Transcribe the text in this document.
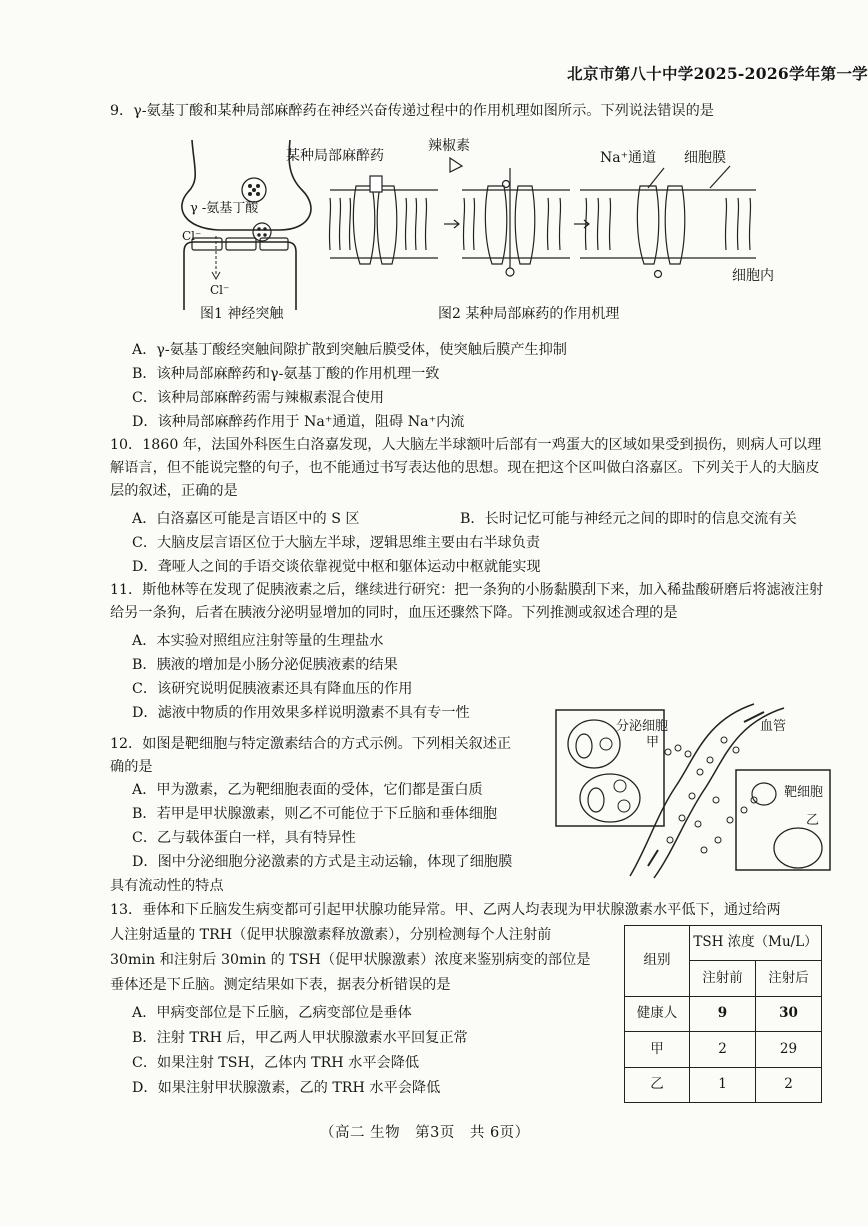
北京市第八十中学2025-2026学年第一学
9．γ-氨基丁酸和某种局部麻醉药在神经兴奋传递过程中的作用机理如图所示。下列说法错误的是
γ -氨基丁酸
Cl⁻
Cl⁻
图1 神经突触
某种局部麻醉药
辣椒素
Na⁺通道 细胞膜
细胞内
图2 某种局部麻药的作用机理
A．γ-氨基丁酸经突触间隙扩散到突触后膜受体，使突触后膜产生抑制
B．该种局部麻醉药和γ-氨基丁酸的作用机理一致
C．该种局部麻醉药需与辣椒素混合使用
D．该种局部麻醉药作用于 Na⁺通道，阻碍 Na⁺内流
10．1860 年，法国外科医生白洛嘉发现，人大脑左半球额叶后部有一鸡蛋大的区域如果受到损伤，则病人可以理解语言，但不能说完整的句子，也不能通过书写表达他的思想。现在把这个区叫做白洛嘉区。下列关于人的大脑皮层的叙述，正确的是
A．白洛嘉区可能是言语区中的 S 区	B．长时记忆可能与神经元之间的即时的信息交流有关
C．大脑皮层言语区位于大脑左半球，逻辑思维主要由右半球负责
D．聋哑人之间的手语交谈依靠视觉中枢和躯体运动中枢就能实现
11．斯他林等在发现了促胰液素之后，继续进行研究：把一条狗的小肠黏膜刮下来，加入稀盐酸研磨后将滤液注射给另一条狗，后者在胰液分泌明显增加的同时，血压还骤然下降。下列推测或叙述合理的是
A．本实验对照组应注射等量的生理盐水
B．胰液的增加是小肠分泌促胰液素的结果
C．该研究说明促胰液素还具有降血压的作用
D．滤液中物质的作用效果多样说明激素不具有专一性
分泌细胞
甲
血管
靶细胞
乙
12．如图是靶细胞与特定激素结合的方式示例。下列相关叙述正
确的是
A．甲为激素，乙为靶细胞表面的受体，它们都是蛋白质
B．若甲是甲状腺激素，则乙不可能位于下丘脑和垂体细胞
C．乙与载体蛋白一样，具有特异性
D．图中分泌细胞分泌激素的方式是主动运输，体现了细胞膜
具有流动性的特点
13．垂体和下丘脑发生病变都可引起甲状腺功能异常。甲、乙两人均表现为甲状腺激素水平低下，通过给两
人注射适量的 TRH（促甲状腺激素释放激素），分别检测每个人注射前
30min 和注射后 30min 的 TSH（促甲状腺激素）浓度来鉴别病变的部位是
垂体还是下丘脑。测定结果如下表，据表分析错误的是
A．甲病变部位是下丘脑，乙病变部位是垂体
B．注射 TRH 后，甲乙两人甲状腺激素水平回复正常
C．如果注射 TSH，乙体内 TRH 水平会降低
D．如果注射甲状腺激素，乙的 TRH 水平会降低
组别	TSH 浓度（Mu/L）	
	注射前	注射后
健康人	9	30
甲	2	29
乙	1	2
（高二 生物　第3页　共 6页）
